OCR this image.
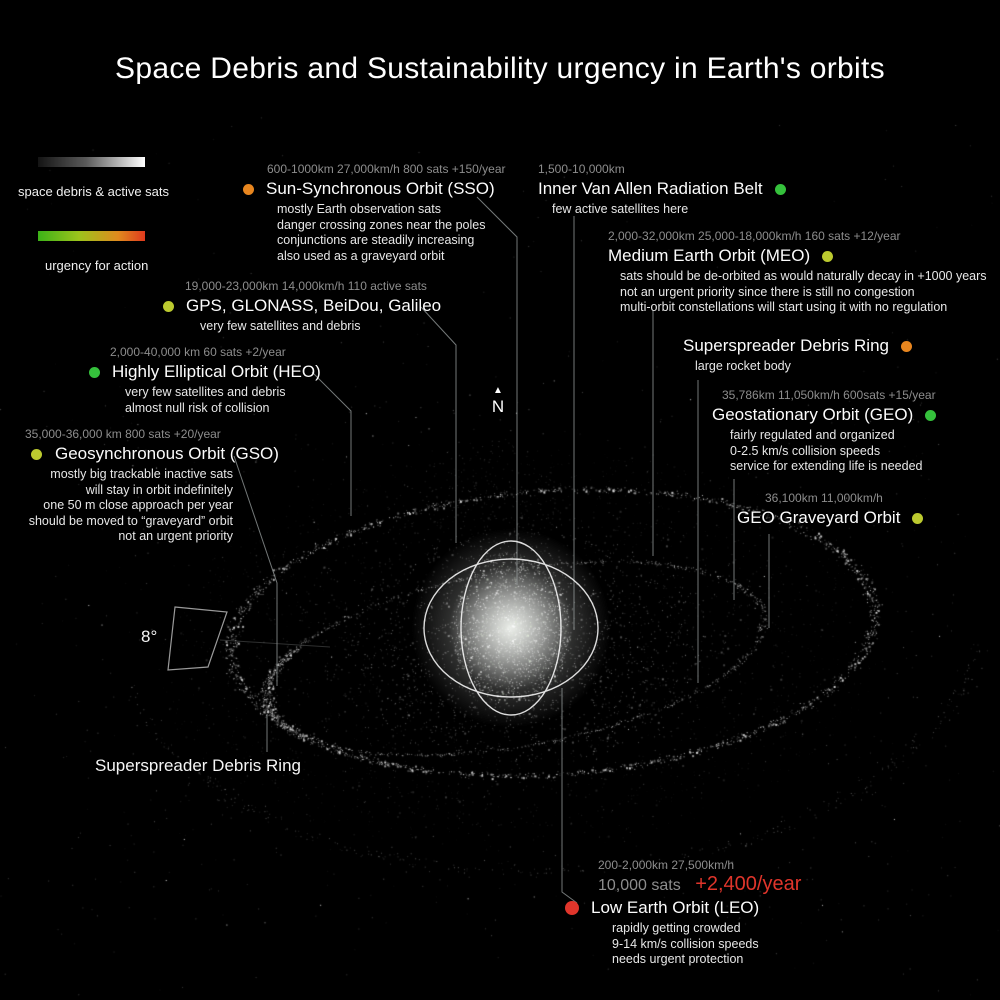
Space Debris and Sustainability urgency in Earth's orbits
space debris & active sats
urgency for action
600-1000km 27,000km/h 800 sats +150/year
Sun-Synchronous Orbit (SSO)
mostly Earth observation sats
danger crossing zones near the poles
conjunctions are steadily increasing
also used as a graveyard orbit
1,500-10,000km
Inner Van Allen Radiation Belt
few active satellites here
2,000-32,000km 25,000-18,000km/h 160 sats +12/year
Medium Earth Orbit (MEO)
sats should be de-orbited as would naturally decay in +1000 years
not an urgent priority since there is still no congestion
multi-orbit constellations will start using it with no regulation
19,000-23,000km 14,000km/h 110 active sats
GPS, GLONASS, BeiDou, Galileo
very few satellites and debris
2,000-40,000 km 60 sats +2/year
Highly Elliptical Orbit (HEO)
very few satellites and debris
almost null risk of collision
35,000-36,000 km 800 sats +20/year
Geosynchronous Orbit (GSO)
mostly big trackable inactive sats
will stay in orbit indefinitely
one 50 m close approach per year
should be moved to “graveyard” orbit
not an urgent priority
Superspreader Debris Ring
large rocket body
35,786km 11,050km/h 600sats +15/year
Geostationary Orbit (GEO)
fairly regulated and organized
0-2.5 km/s collision speeds
service for extending life is needed
36,100km 11,000km/h
GEO Graveyard Orbit
200-2,000km 27,500km/h
10,000 sats +2,400/year
Low Earth Orbit (LEO)
rapidly getting crowded
9-14 km/s collision speeds
needs urgent protection
Superspreader Debris Ring
8°
▲
N
